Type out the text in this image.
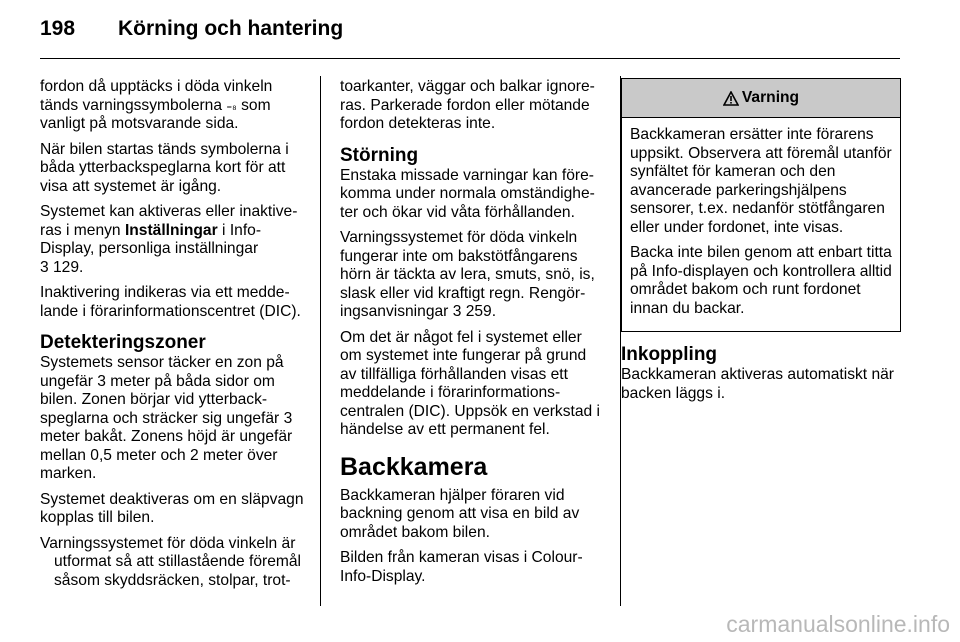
198 Körning och hantering

fordon då upptäcks i döda vinkeln tänds varningssymbolerna ₌₈ som vanligt på motsvarande sida.

När bilen startas tänds symbolerna i båda ytterbackspeglarna kort för att visa att systemet är igång.

Systemet kan aktiveras eller inaktiveras i menyn Inställningar i Info-Display, personliga inställningar
3 129.

Inaktivering indikeras via ett meddelande i förarinformationscentret (DIC).

Detekteringszoner

Systemets sensor täcker en zon på ungefär 3 meter på båda sidor om bilen. Zonen börjar vid ytterbackspeglarna och sträcker sig ungefär 3 meter bakåt. Zonens höjd är ungefär mellan 0,5 meter och 2 meter över marken.

Systemet deaktiveras om en släpvagn kopplas till bilen.

Varningssystemet för döda vinkeln är utformat så att stillastående föremål såsom skyddsräcken, stolpar, trot-

toarkanter, väggar och balkar ignoreras. Parkerade fordon eller mötande fordon detekteras inte.

Störning

Enstaka missade varningar kan förekomma under normala omständigheter och ökar vid våta förhållanden.

Varningssystemet för döda vinkeln fungerar inte om bakstötfångarens hörn är täckta av lera, smuts, snö, is, slask eller vid kraftigt regn. Rengöringsanvisningar 3 259.

Om det är något fel i systemet eller om systemet inte fungerar på grund av tillfälliga förhållanden visas ett meddelande i förarinformationscentralen (DIC). Uppsök en verkstad i händelse av ett permanent fel.

Backkamera

Backkameran hjälper föraren vid backning genom att visa en bild av området bakom bilen.

Bilden från kameran visas i Colour-Info-Display.

Varning

Backkameran ersätter inte förarens uppsikt. Observera att föremål utanför synfältet för kameran och den avancerade parkeringshjälpens sensorer, t.ex. nedanför stötfångaren eller under fordonet, inte visas.

Backa inte bilen genom att enbart titta på Info-displayen och kontrollera alltid området bakom och runt fordonet innan du backar.

Inkoppling

Backkameran aktiveras automatiskt när backen läggs i.

carmanualsonline.info
